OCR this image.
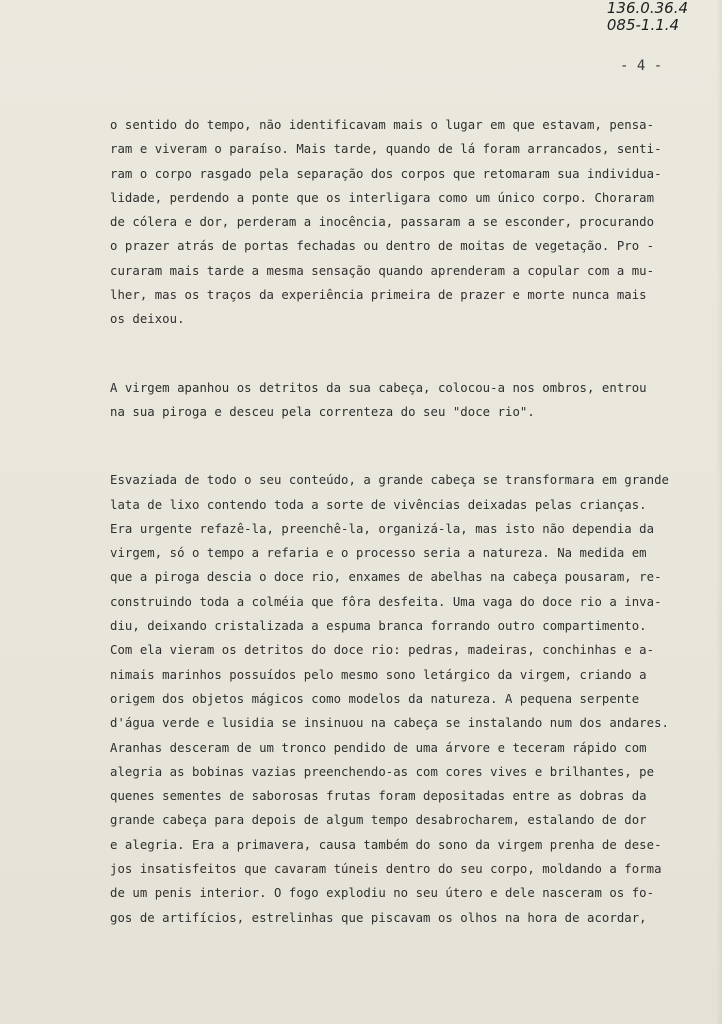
136.0.36.4
085-1.1.4
- 4 -
o sentido do tempo, não identificavam mais o lugar em que estavam, pensa-
ram e viveram o paraíso. Mais tarde, quando de lá foram arrancados, senti-
ram o corpo rasgado pela separação dos corpos que retomaram sua individua-
lidade, perdendo a ponte que os interligara como um único corpo. Choraram
de cólera e dor, perderam a inocência, passaram a se esconder, procurando
o prazer atrás de portas fechadas ou dentro de moitas de vegetação. Pro -
curaram mais tarde a mesma sensação quando aprenderam a copular com a mu-
lher, mas os traços da experiência primeira de prazer e morte nunca mais
os deixou.
A virgem apanhou os detritos da sua cabeça, colocou-a nos ombros, entrou
na sua piroga e desceu pela correnteza do seu "doce rio".
Esvaziada de todo o seu conteúdo, a grande cabeça se transformara em grande
lata de lixo contendo toda a sorte de vivências deixadas pelas crianças.
Era urgente refazê-la, preenchê-la, organizá-la, mas isto não dependia da
virgem, só o tempo a refaria e o processo seria a natureza. Na medida em
que a piroga descia o doce rio, enxames de abelhas na cabeça pousaram, re-
construindo toda a colméia que fôra desfeita. Uma vaga do doce rio a inva-
diu, deixando cristalizada a espuma branca forrando outro compartimento.
Com ela vieram os detritos do doce rio: pedras, madeiras, conchinhas e a-
nimais marinhos possuídos pelo mesmo sono letárgico da virgem, criando a
origem dos objetos mágicos como modelos da natureza. A pequena serpente
d'água verde e lusidia se insinuou na cabeça se instalando num dos andares.
Aranhas desceram de um tronco pendido de uma árvore e teceram rápido com
alegria as bobinas vazias preenchendo-as com cores vives e brilhantes, pe
quenes sementes de saborosas frutas foram depositadas entre as dobras da
grande cabeça para depois de algum tempo desabrocharem, estalando de dor
e alegria. Era a primavera, causa também do sono da virgem prenha de dese-
jos insatisfeitos que cavaram túneis dentro do seu corpo, moldando a forma
de um penis interior. O fogo explodiu no seu útero e dele nasceram os fo-
gos de artifícios, estrelinhas que piscavam os olhos na hora de acordar,
